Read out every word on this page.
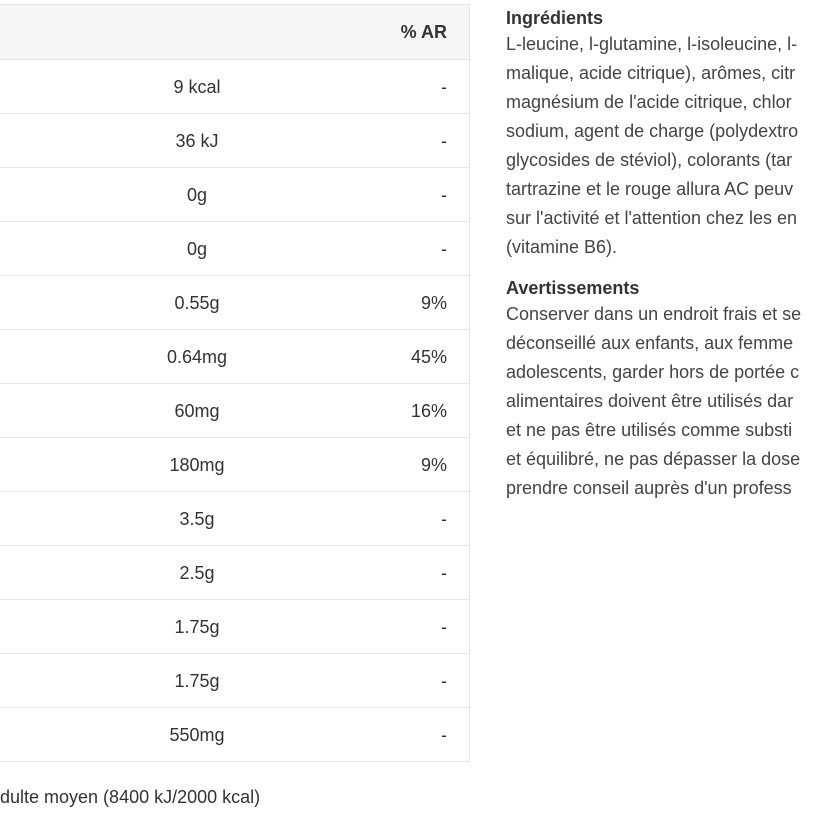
% AR
9 kcal	-
36 kJ	-
0g	-
0g	-
0.55g	9%
0.64mg	45%
60mg	16%
180mg	9%
3.5g	-
2.5g	-
1.75g	-
1.75g	-
550mg	-
dulte moyen (8400 kJ/2000 kcal)
Ingrédients
L-leucine, l-glutamine, l-isoleucine, l-
malique, acide citrique), arômes, citr
magnésium de l'acide citrique, chlor
sodium, agent de charge (polydextro
glycosides de stéviol), colorants (tar
tartrazine et le rouge allura AC peuv
sur l'activité et l'attention chez les en
(vitamine B6).
Avertissements
Conserver dans un endroit frais et se
déconseillé aux enfants, aux femme
adolescents, garder hors de portée c
alimentaires doivent être utilisés dar
et ne pas être utilisés comme substi
et équilibré, ne pas dépasser la dose
prendre conseil auprès d'un profess
